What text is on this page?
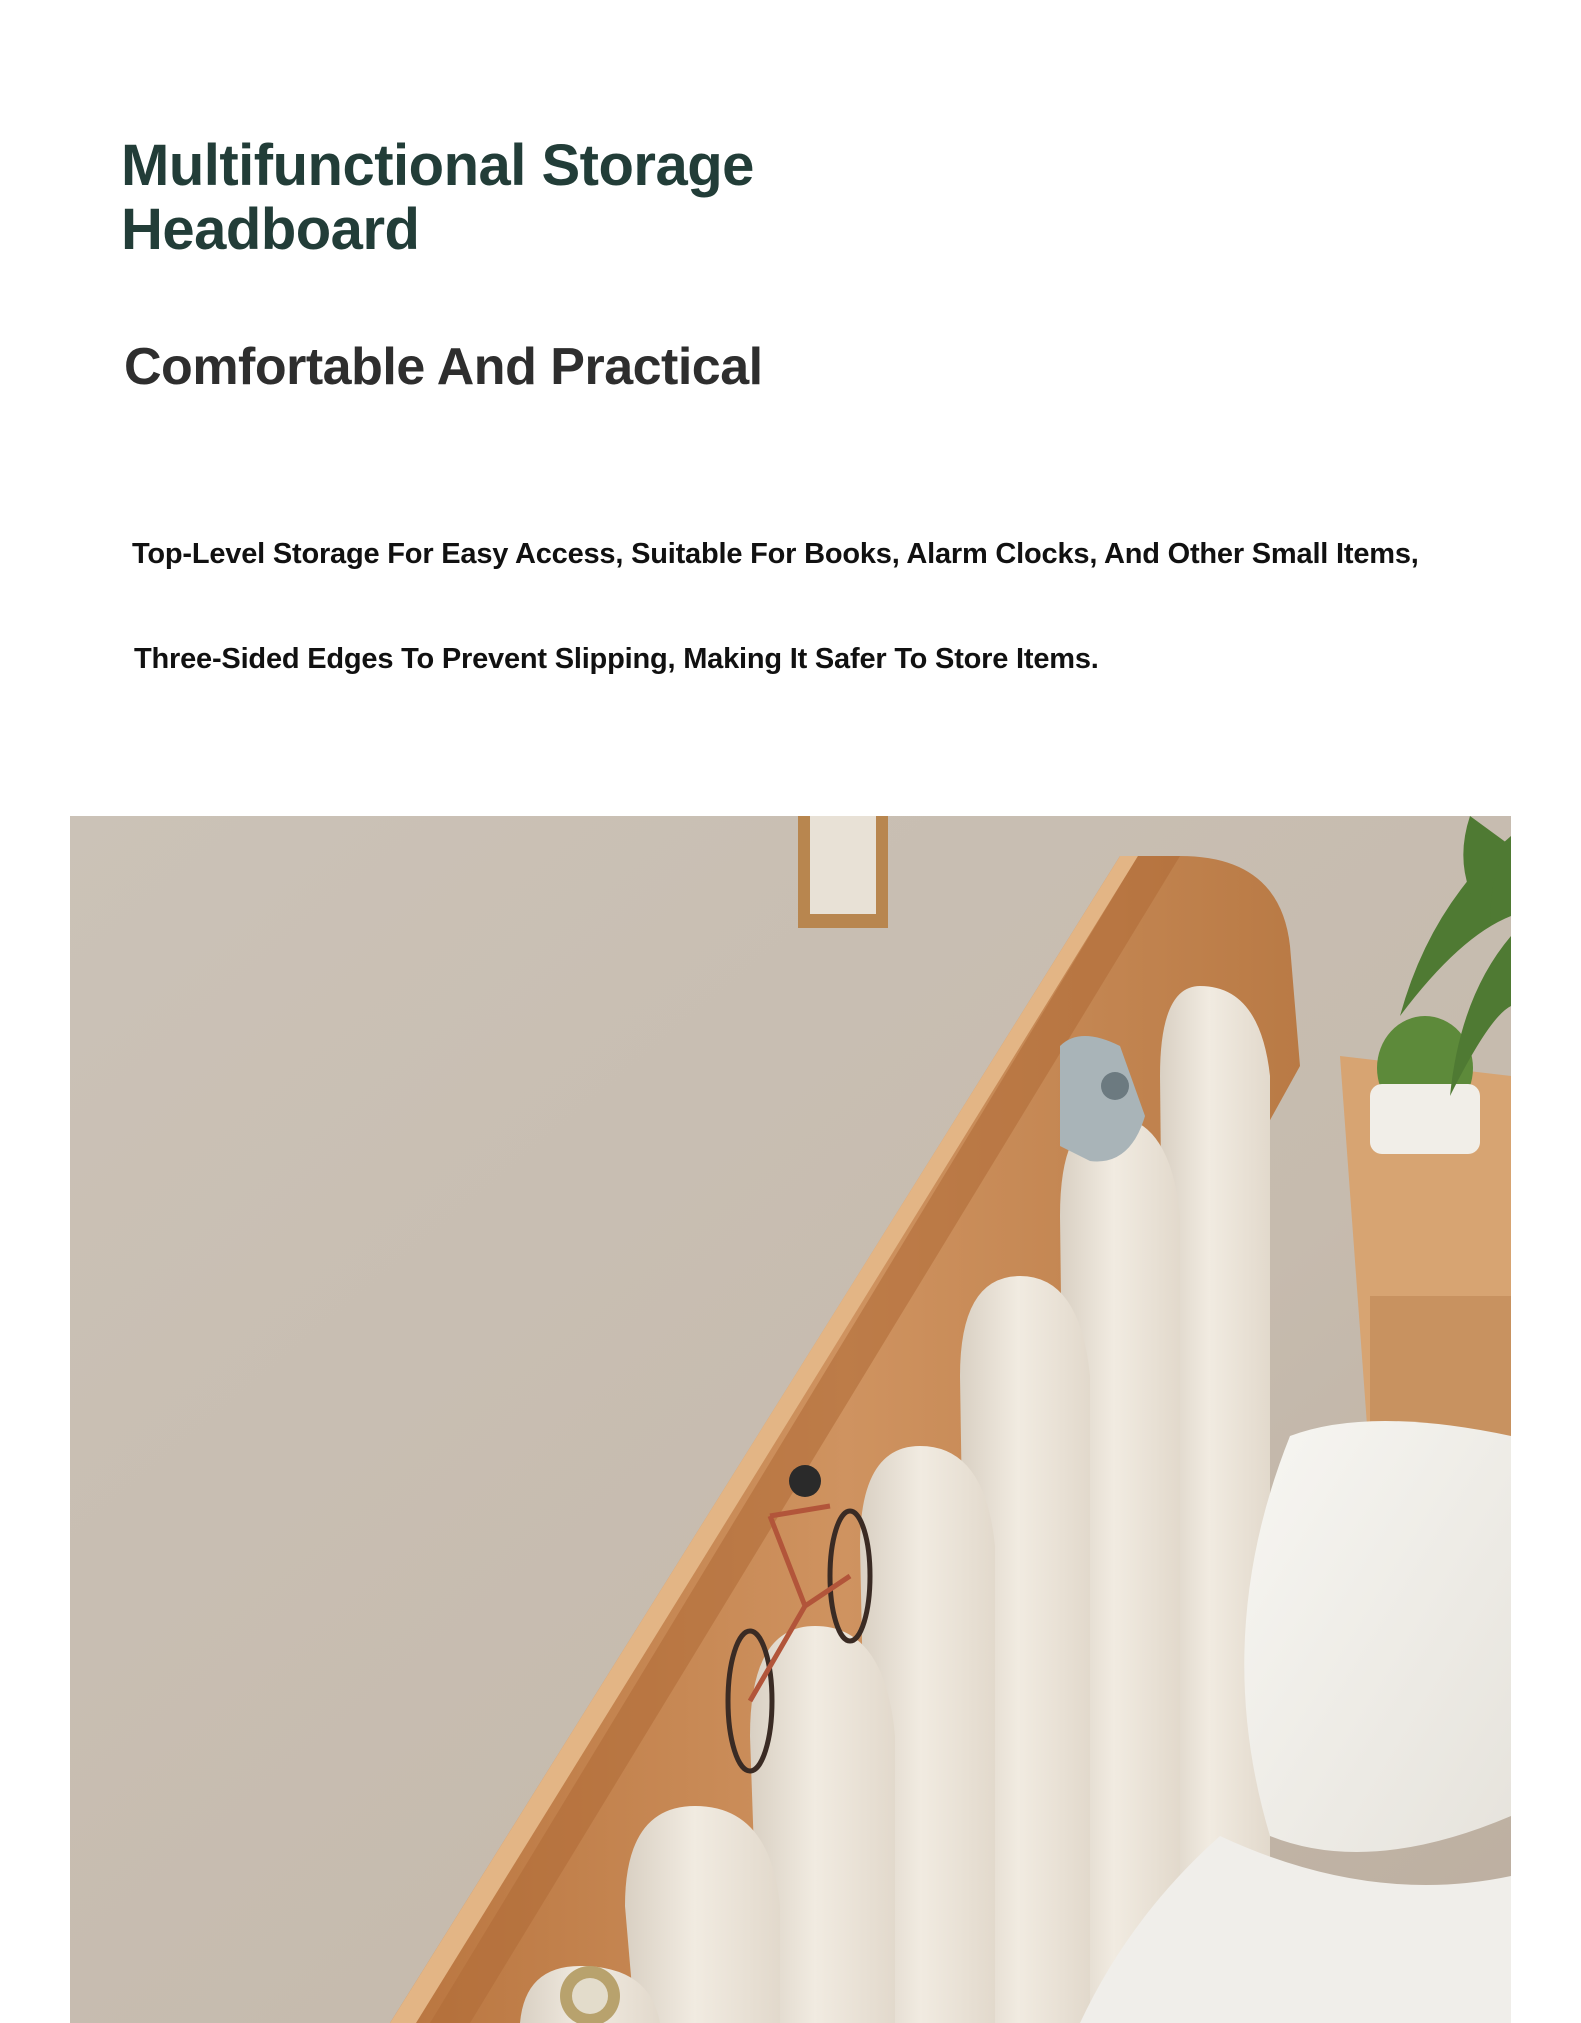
Multifunctional Storage Headboard
Comfortable And Practical

Top-Level Storage For Easy Access, Suitable For Books, Alarm Clocks, And Other Small Items,

Three-Sided Edges To Prevent Slipping, Making It Safer To Store Items.
